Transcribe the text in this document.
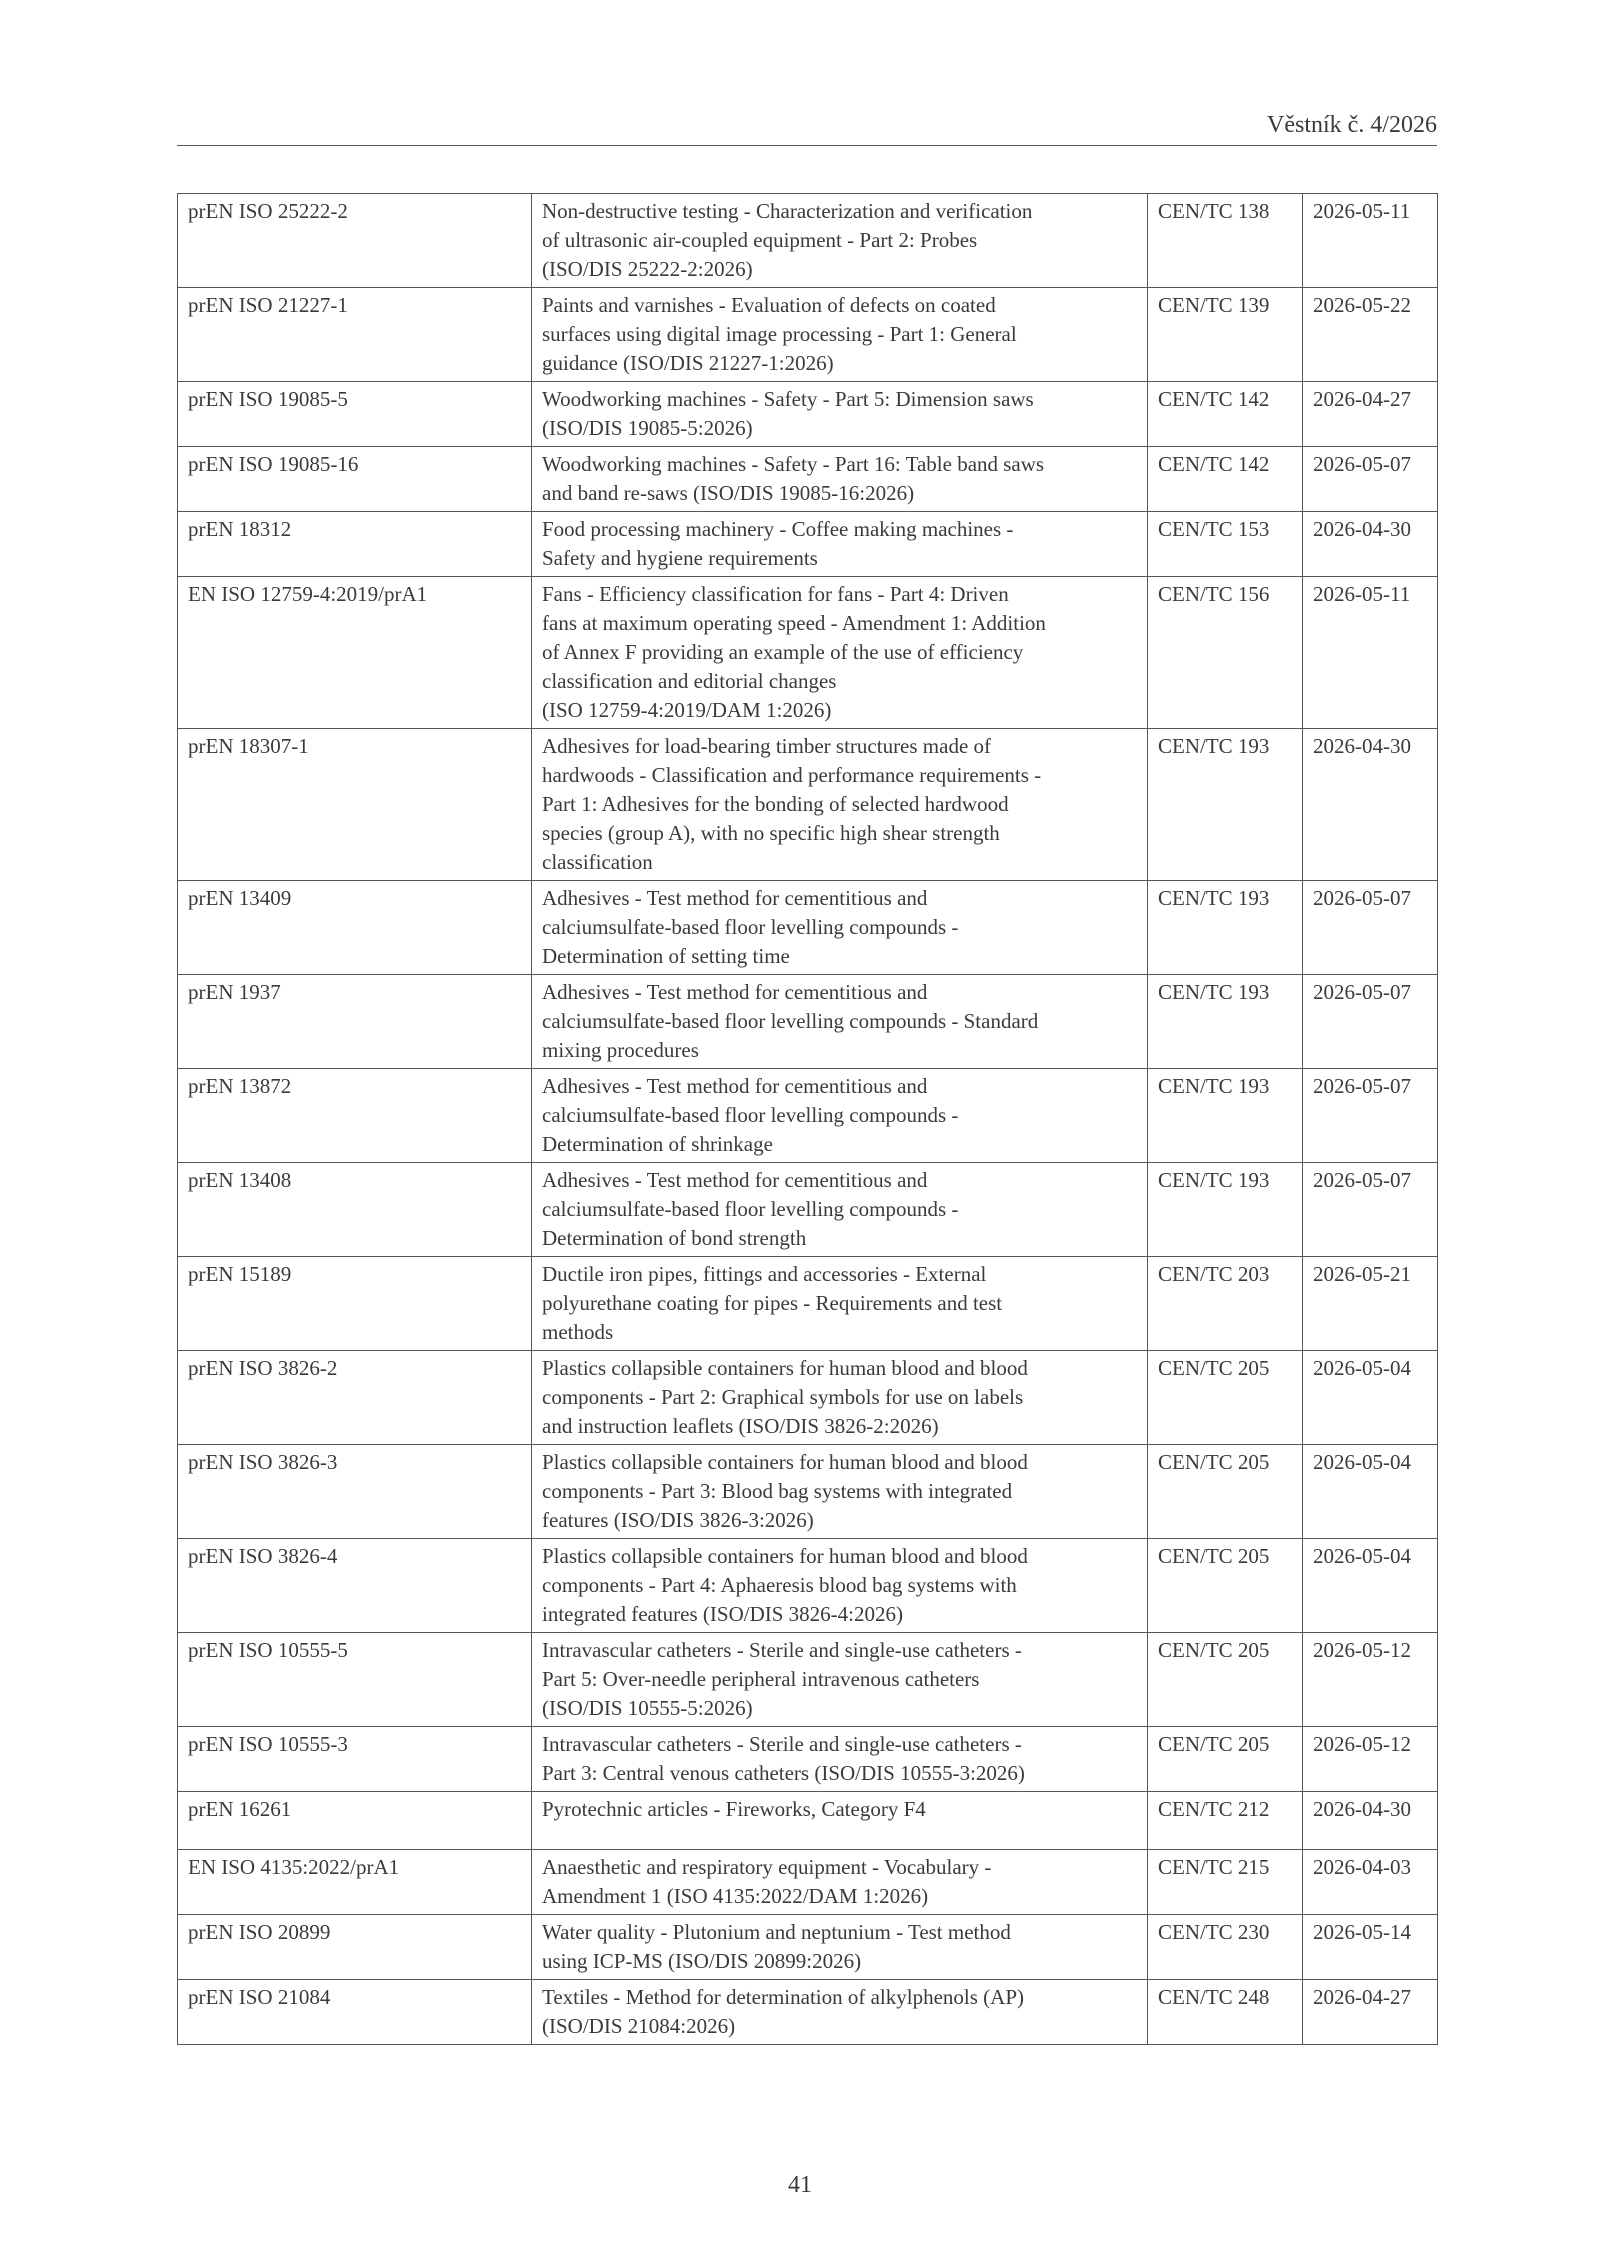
Věstník č. 4/2026
prEN ISO 25222-2	Non-destructive testing - Characterization and verification
of ultrasonic air-coupled equipment - Part 2: Probes
(ISO/DIS 25222-2:2026)	CEN/TC 138	2026-05-11
prEN ISO 21227-1	Paints and varnishes - Evaluation of defects on coated
surfaces using digital image processing - Part 1: General
guidance (ISO/DIS 21227-1:2026)	CEN/TC 139	2026-05-22
prEN ISO 19085-5	Woodworking machines - Safety - Part 5: Dimension saws
(ISO/DIS 19085-5:2026)	CEN/TC 142	2026-04-27
prEN ISO 19085-16	Woodworking machines - Safety - Part 16: Table band saws
and band re-saws (ISO/DIS 19085-16:2026)	CEN/TC 142	2026-05-07
prEN 18312	Food processing machinery - Coffee making machines -
Safety and hygiene requirements	CEN/TC 153	2026-04-30
EN ISO 12759-4:2019/prA1	Fans - Efficiency classification for fans - Part 4: Driven
fans at maximum operating speed - Amendment 1: Addition
of Annex F providing an example of the use of efficiency
classification and editorial changes
(ISO 12759-4:2019/DAM 1:2026)	CEN/TC 156	2026-05-11
prEN 18307-1	Adhesives for load-bearing timber structures made of
hardwoods - Classification and performance requirements -
Part 1: Adhesives for the bonding of selected hardwood
species (group A), with no specific high shear strength
classification	CEN/TC 193	2026-04-30
prEN 13409	Adhesives - Test method for cementitious and
calciumsulfate-based floor levelling compounds -
Determination of setting time	CEN/TC 193	2026-05-07
prEN 1937	Adhesives - Test method for cementitious and
calciumsulfate-based floor levelling compounds - Standard
mixing procedures	CEN/TC 193	2026-05-07
prEN 13872	Adhesives - Test method for cementitious and
calciumsulfate-based floor levelling compounds -
Determination of shrinkage	CEN/TC 193	2026-05-07
prEN 13408	Adhesives - Test method for cementitious and
calciumsulfate-based floor levelling compounds -
Determination of bond strength	CEN/TC 193	2026-05-07
prEN 15189	Ductile iron pipes, fittings and accessories - External
polyurethane coating for pipes - Requirements and test
methods	CEN/TC 203	2026-05-21
prEN ISO 3826-2	Plastics collapsible containers for human blood and blood
components - Part 2: Graphical symbols for use on labels
and instruction leaflets (ISO/DIS 3826-2:2026)	CEN/TC 205	2026-05-04
prEN ISO 3826-3	Plastics collapsible containers for human blood and blood
components - Part 3: Blood bag systems with integrated
features (ISO/DIS 3826-3:2026)	CEN/TC 205	2026-05-04
prEN ISO 3826-4	Plastics collapsible containers for human blood and blood
components - Part 4: Aphaeresis blood bag systems with
integrated features (ISO/DIS 3826-4:2026)	CEN/TC 205	2026-05-04
prEN ISO 10555-5	Intravascular catheters - Sterile and single-use catheters -
Part 5: Over-needle peripheral intravenous catheters
(ISO/DIS 10555-5:2026)	CEN/TC 205	2026-05-12
prEN ISO 10555-3	Intravascular catheters - Sterile and single-use catheters -
Part 3: Central venous catheters (ISO/DIS 10555-3:2026)	CEN/TC 205	2026-05-12
prEN 16261	Pyrotechnic articles - Fireworks, Category F4	CEN/TC 212	2026-04-30
EN ISO 4135:2022/prA1	Anaesthetic and respiratory equipment - Vocabulary -
Amendment 1 (ISO 4135:2022/DAM 1:2026)	CEN/TC 215	2026-04-03
prEN ISO 20899	Water quality - Plutonium and neptunium - Test method
using ICP-MS (ISO/DIS 20899:2026)	CEN/TC 230	2026-05-14
prEN ISO 21084	Textiles - Method for determination of alkylphenols (AP)
(ISO/DIS 21084:2026)	CEN/TC 248	2026-04-27
41
